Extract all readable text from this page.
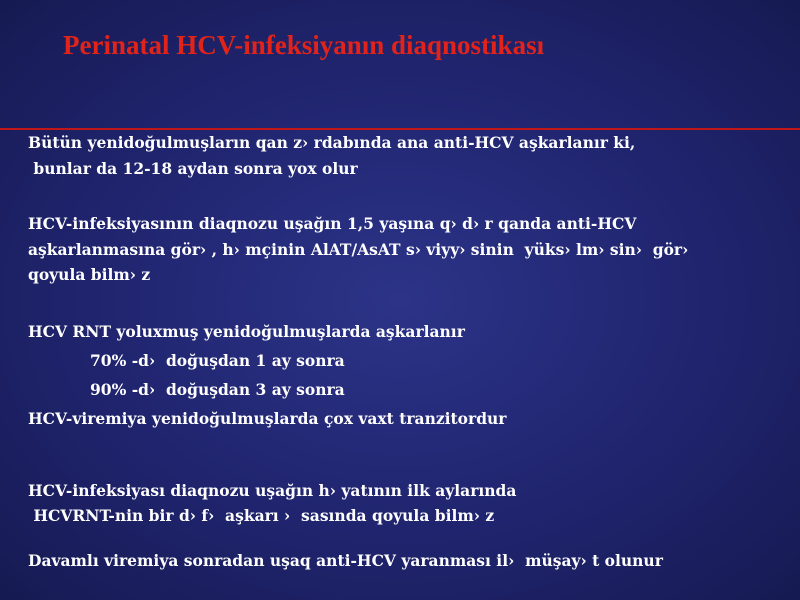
Perinatal HCV-infeksiyanın diaqnostikası
Bütün yenidoğulmuşların qan z› rdabında ana anti-HCV aşkarlanır ki,
bunlar da 12-18 aydan sonra yox olur
HCV-infeksiyasının diaqnozu uşağın 1,5 yaşına q› d› r qanda anti-HCV
aşkarlanmasına gör› , h› mçinin AlAT/AsAT s› viyy› sinin  yüks› lm› sin›  gör›
qoyula bilm› z
HCV RNT yoluxmuş yenidoğulmuşlarda aşkarlanır
70% -d›  doğuşdan 1 ay sonra
90% -d›  doğuşdan 3 ay sonra
HCV-viremiya yenidoğulmuşlarda çox vaxt tranzitordur
HCV-infeksiyası diaqnozu uşağın h› yatının ilk aylarında
HCVRNT-nin bir d› f›  aşkarı ›  sasında qoyula bilm› z
Davamlı viremiya sonradan uşaq anti-HCV yaranması il›  müşay› t olunur
